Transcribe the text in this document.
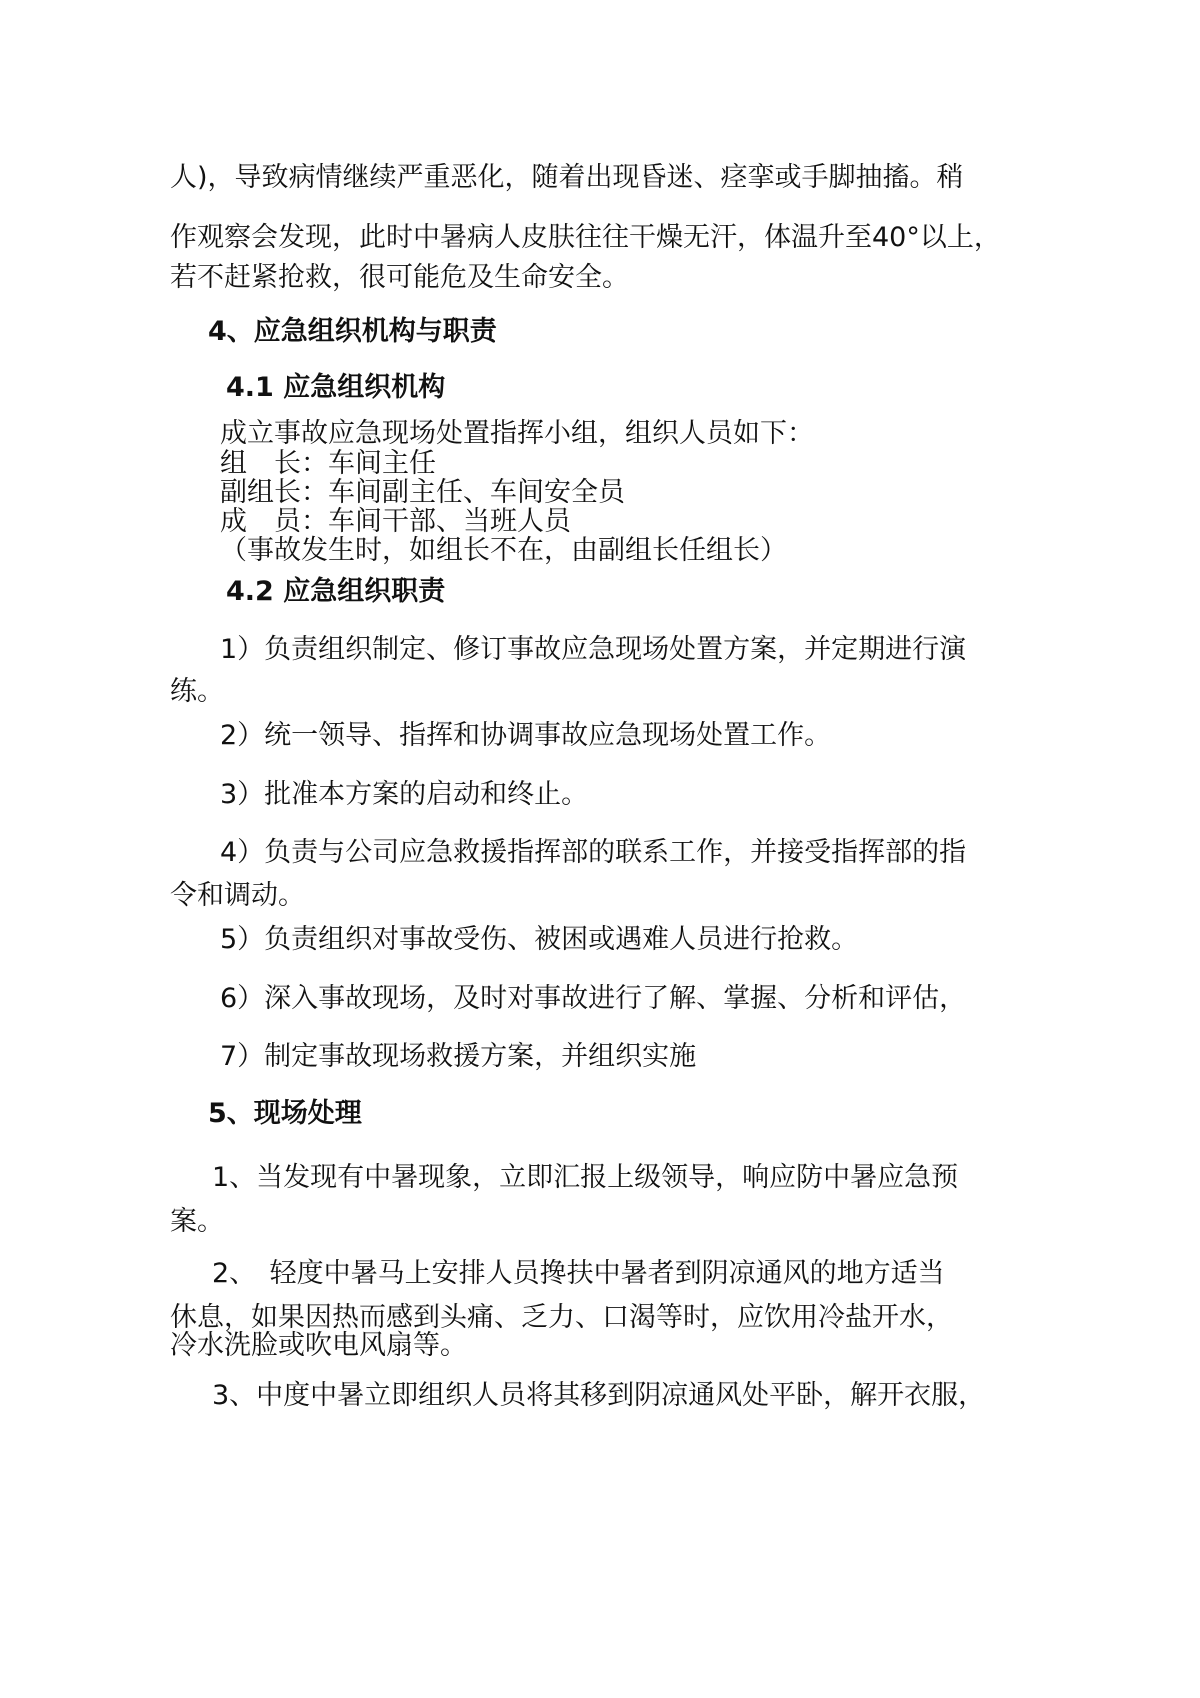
人)，导致病情继续严重恶化，随着出现昏迷、痉挛或手脚抽搐。稍
作观察会发现，此时中暑病人皮肤往往干燥无汗，体温升至40°以上，
若不赶紧抢救，很可能危及生命安全。
4、应急组织机构与职责
4.1 应急组织机构
成立事故应急现场处置指挥小组，组织人员如下：
组　长：车间主任
副组长：车间副主任、车间安全员
成　员：车间干部、当班人员
（事故发生时，如组长不在，由副组长任组长）
4.2 应急组织职责
1）负责组织制定、修订事故应急现场处置方案，并定期进行演
练。
2）统一领导、指挥和协调事故应急现场处置工作。
3）批准本方案的启动和终止。
4）负责与公司应急救援指挥部的联系工作，并接受指挥部的指
令和调动。
5）负责组织对事故受伤、被困或遇难人员进行抢救。
6）深入事故现场，及时对事故进行了解、掌握、分析和评估，
7）制定事故现场救援方案，并组织实施
5、现场处理
1、当发现有中暑现象，立即汇报上级领导，响应防中暑应急预
案。
2、　轻度中暑马上安排人员搀扶中暑者到阴凉通风的地方适当
休息，如果因热而感到头痛、乏力、口渴等时，应饮用冷盐开水，
冷水洗脸或吹电风扇等。
3、中度中暑立即组织人员将其移到阴凉通风处平卧，解开衣服，
